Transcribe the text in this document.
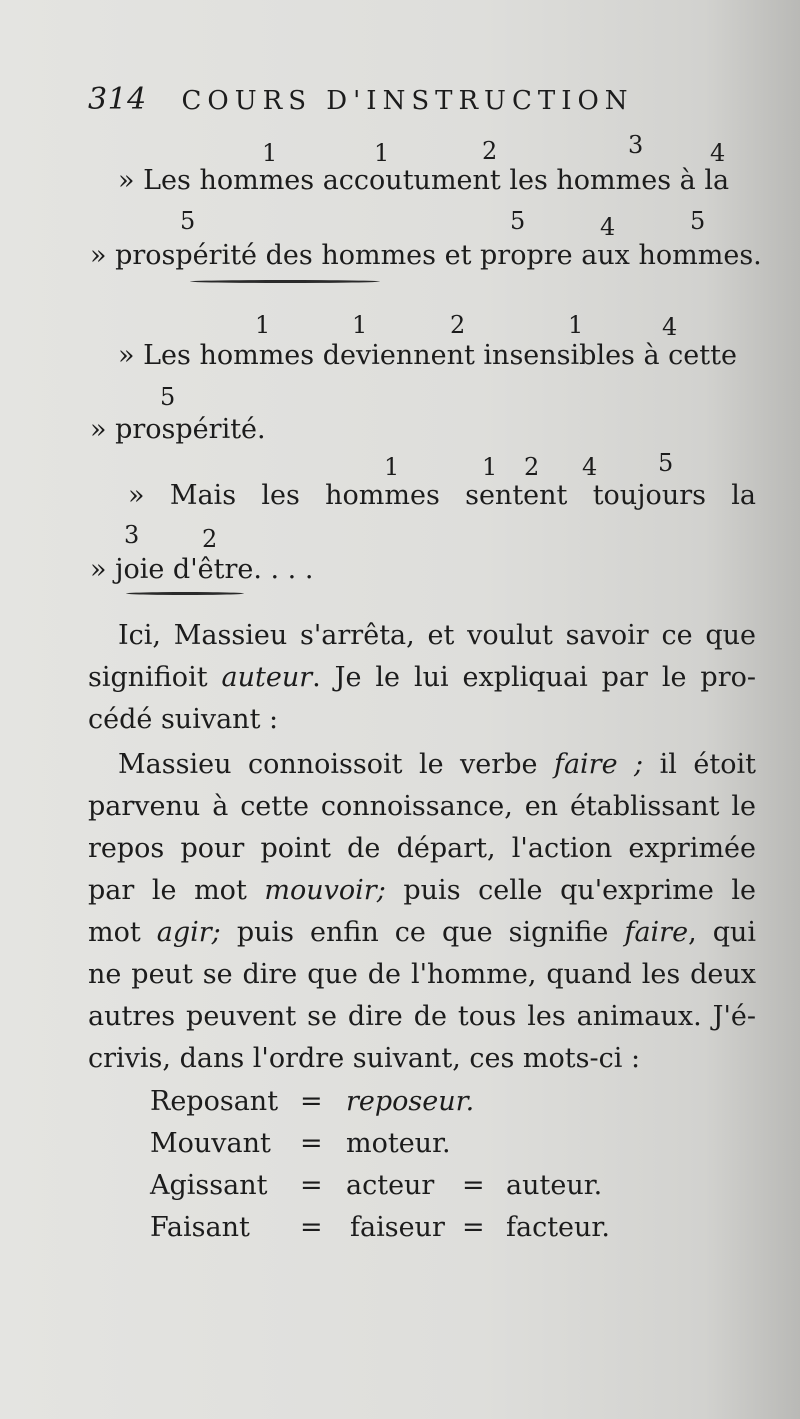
314 COURS D'INSTRUCTION
1	1	2	3	4
» Les hommes accoutument les hommes à la
5	5	4	5
» prospérité des hommes et propre aux hommes.
1	1	2	1	4
» Les hommes deviennent insensibles à cette
5
» prospérité.
1	1 2 4	5
» Mais les hommes sentent toujours la
3	2
» joie d'être. . . .
Ici, Massieu s'arrêta, et voulut savoir ce que
signifioit auteur. Je le lui expliquai par le pro-
cédé suivant :
Massieu connoissoit le verbe faire ; il étoit
parvenu à cette connoissance, en établissant le
repos pour point de départ, l'action exprimée
par le mot mouvoir; puis celle qu'exprime le
mot agir; puis enfin ce que signifie faire, qui
ne peut se dire que de l'homme, quand les deux
autres peuvent se dire de tous les animaux. J'é-
crivis, dans l'ordre suivant, ces mots-ci :
Reposant = reposeur.
Mouvant = moteur.
Agissant = acteur = auteur.
Faisant = faiseur = facteur.
